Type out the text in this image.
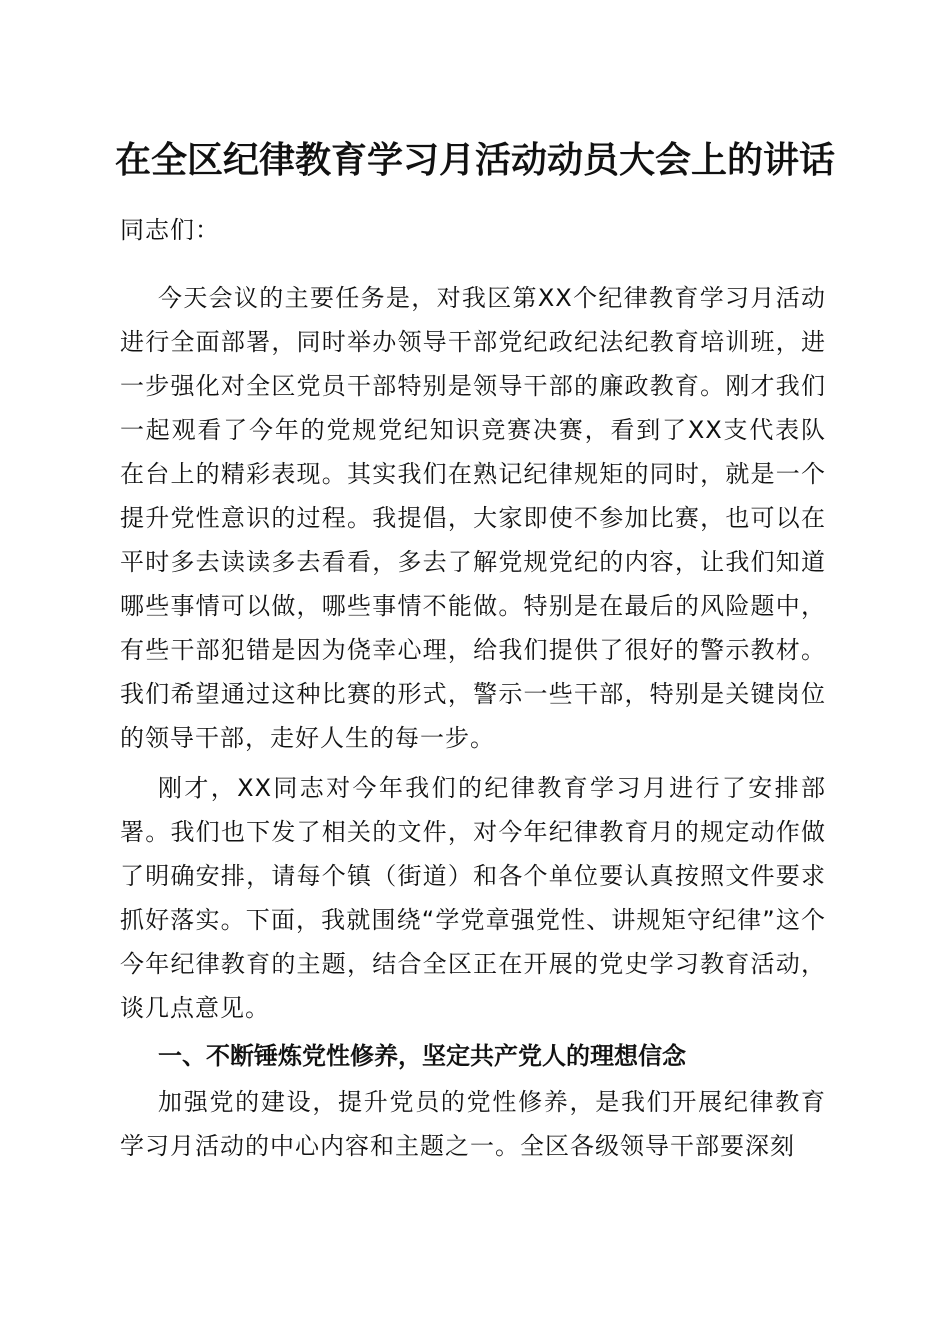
在全区纪律教育学习月活动动员大会上的讲话
同志们：
今天会议的主要任务是，对我区第XX个纪律教育学习月活动进行全面部署，同时举办领导干部党纪政纪法纪教育培训班，进一步强化对全区党员干部特别是领导干部的廉政教育。刚才我们一起观看了今年的党规党纪知识竞赛决赛，看到了XX支代表队在台上的精彩表现。其实我们在熟记纪律规矩的同时，就是一个提升党性意识的过程。我提倡，大家即使不参加比赛，也可以在平时多去读读多去看看，多去了解党规党纪的内容，让我们知道哪些事情可以做，哪些事情不能做。特别是在最后的风险题中，有些干部犯错是因为侥幸心理，给我们提供了很好的警示教材。我们希望通过这种比赛的形式，警示一些干部，特别是关键岗位的领导干部，走好人生的每一步。
刚才，XX同志对今年我们的纪律教育学习月进行了安排部署。我们也下发了相关的文件，对今年纪律教育月的规定动作做了明确安排，请每个镇（街道）和各个单位要认真按照文件要求抓好落实。下面，我就围绕“学党章强党性、讲规矩守纪律”这个今年纪律教育的主题，结合全区正在开展的党史学习教育活动，谈几点意见。
一、不断锤炼党性修养，坚定共产党人的理想信念
加强党的建设，提升党员的党性修养，是我们开展纪律教育学习月活动的中心内容和主题之一。全区各级领导干部要深刻
